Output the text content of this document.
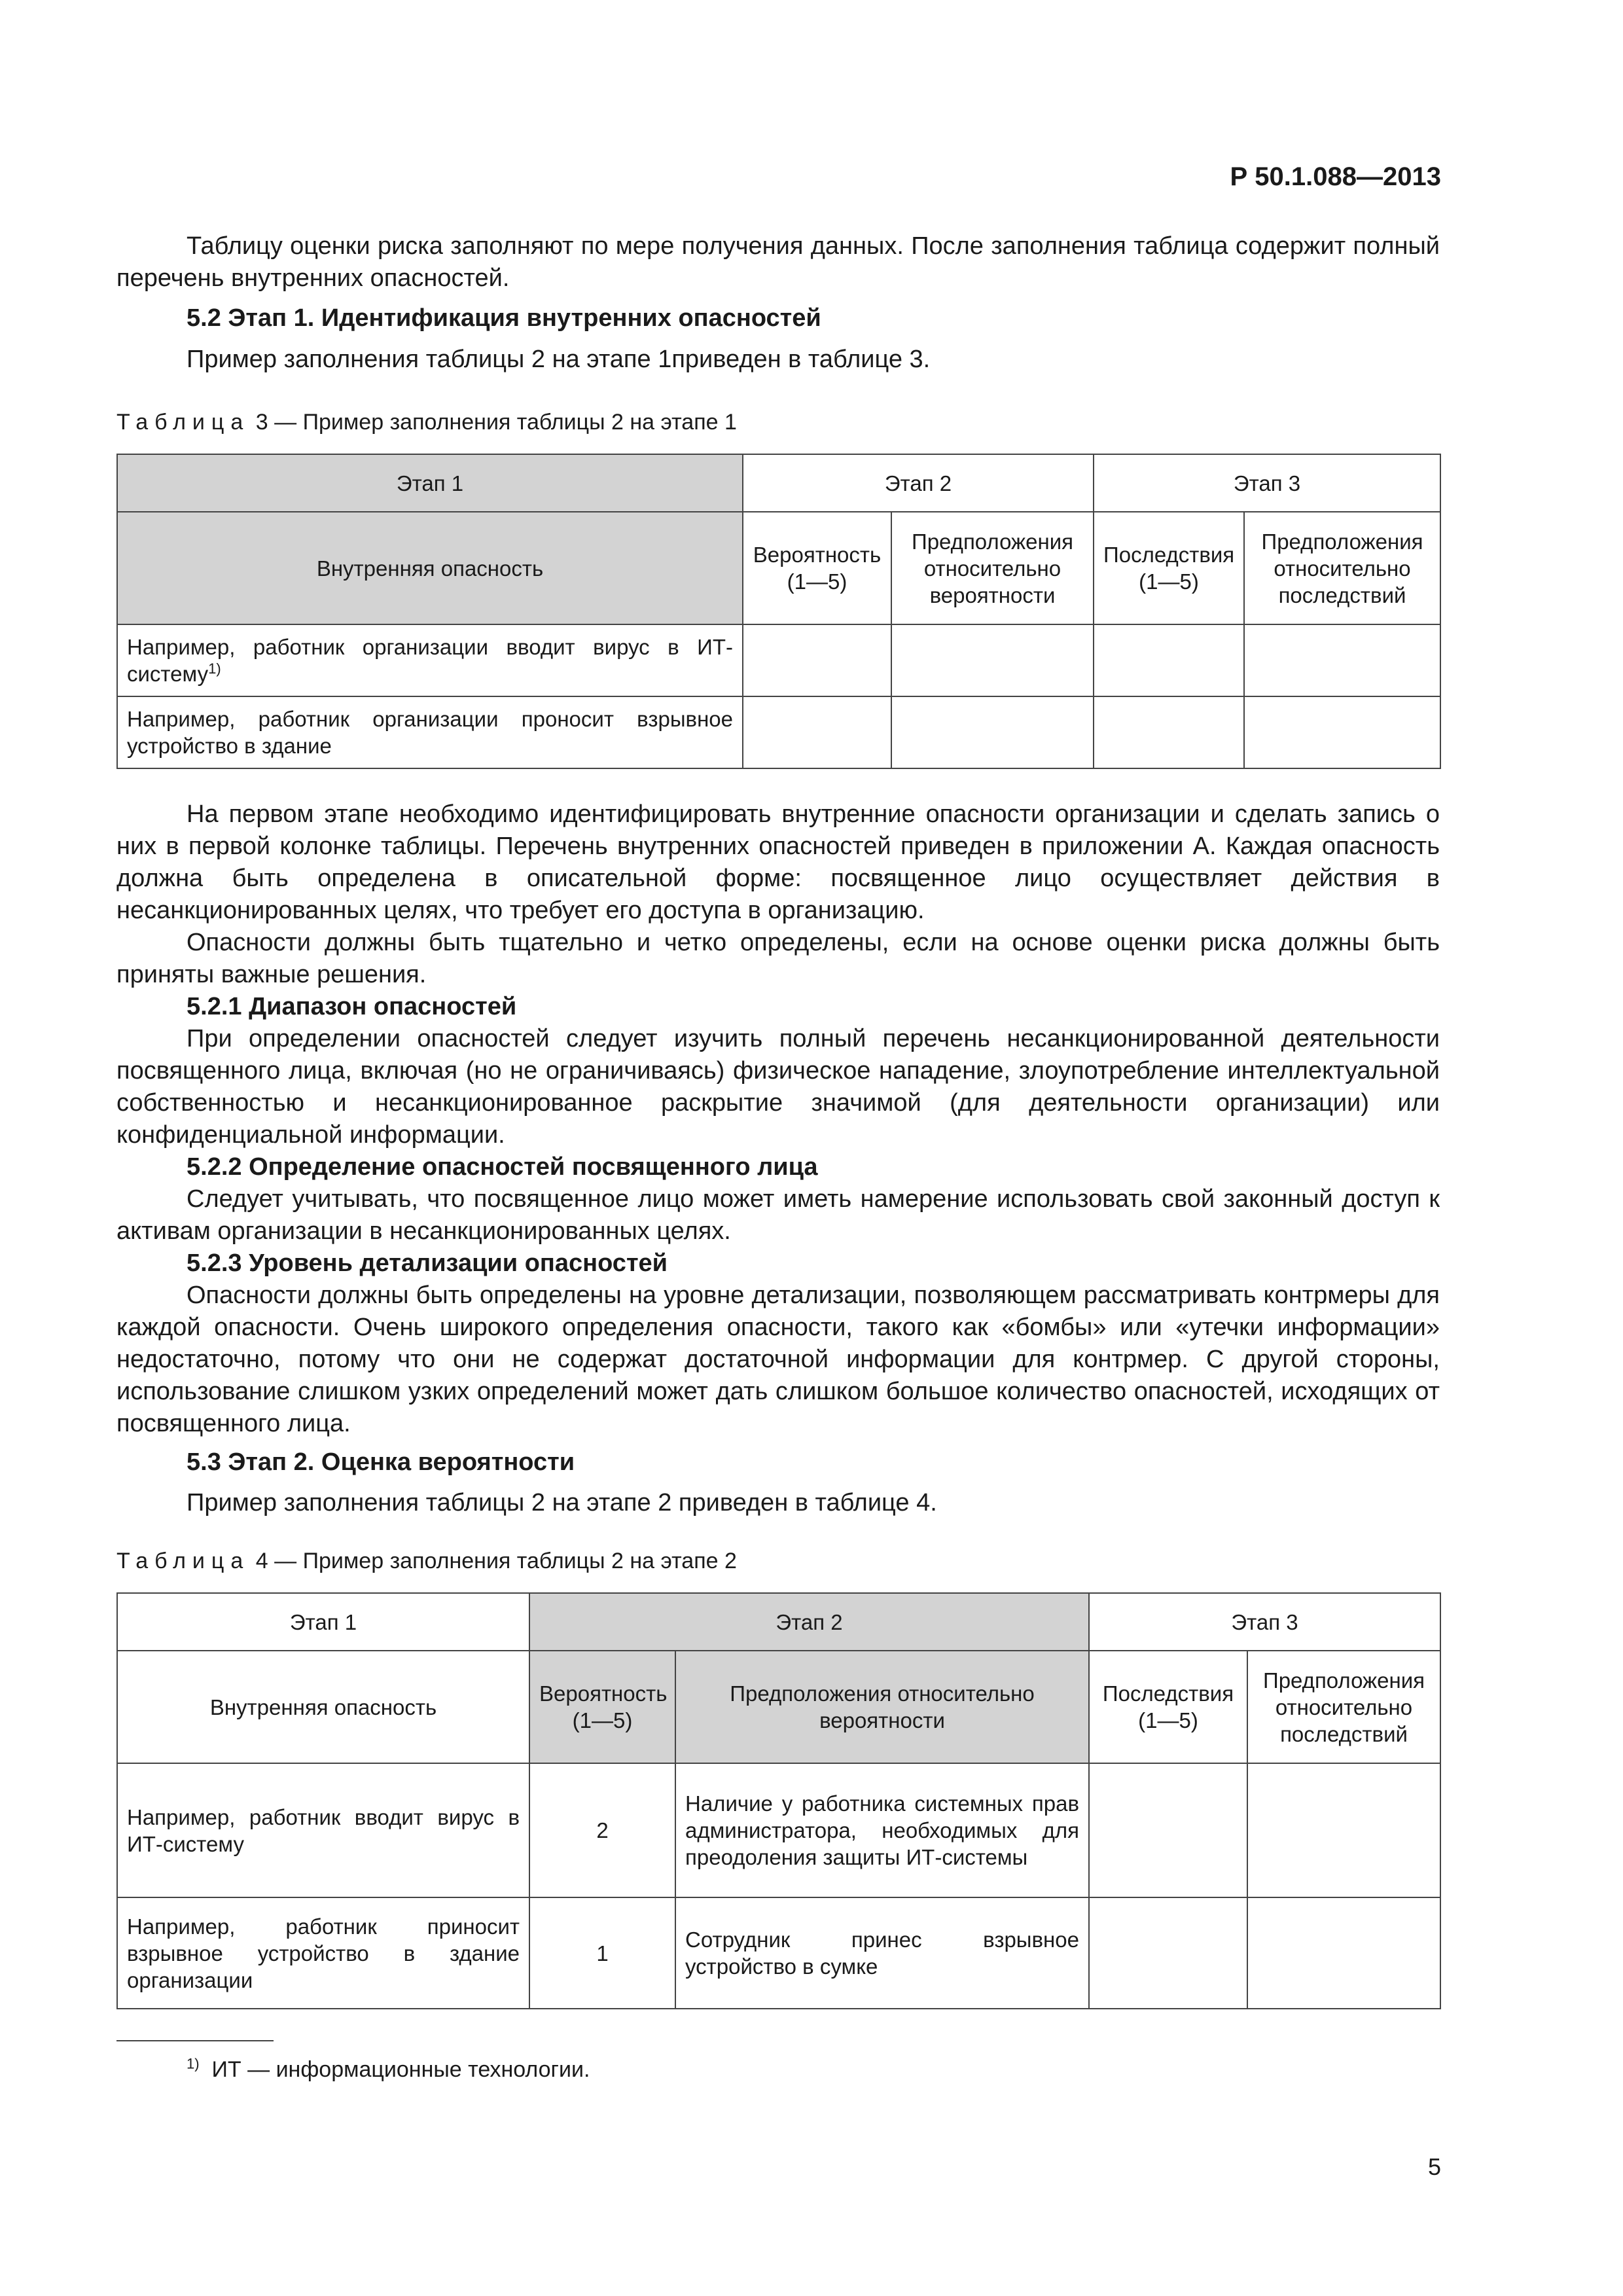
Р 50.1.088—2013

Таблицу оценки риска заполняют по мере получения данных. После заполнения таблица содержит полный перечень внутренних опасностей.

5.2 Этап 1. Идентификация внутренних опасностей

Пример заполнения таблицы 2 на этапе 1приведен в таблице 3.

Таблица 3 — Пример заполнения таблицы 2 на этапе 1
Этап 1	Этап 2		Этап 3	
Внутренняя опасность	Вероятность (1—5)	Предположения относительно вероятности	Последствия (1—5)	Предположения относительно последствий
Например, работник организации вводит вирус в ИТ-систему$^{1)}$				
Например, работник организации проносит взрывное устройство в здание				

На первом этапе необходимо идентифицировать внутренние опасности организации и сделать запись о них в первой колонке таблицы. Перечень внутренних опасностей приведен в приложении А. Каждая опасность должна быть определена в описательной форме: посвященное лицо осуществляет действия в несанкционированных целях, что требует его доступа в организацию.

Опасности должны быть тщательно и четко определены, если на основе оценки риска должны быть приняты важные решения.

5.2.1 Диапазон опасностей

При определении опасностей следует изучить полный перечень несанкционированной деятельности посвященного лица, включая (но не ограничиваясь) физическое нападение, злоупотребление интеллектуальной собственностью и несанкционированное раскрытие значимой (для деятельности организации) или конфиденциальной информации.

5.2.2 Определение опасностей посвященного лица

Следует учитывать, что посвященное лицо может иметь намерение использовать свой законный доступ к активам организации в несанкционированных целях.

5.2.3 Уровень детализации опасностей

Опасности должны быть определены на уровне детализации, позволяющем рассматривать контрмеры для каждой опасности. Очень широкого определения опасности, такого как «бомбы» или «утечки информации» недостаточно, потому что они не содержат достаточной информации для контрмер. С другой стороны, использование слишком узких определений может дать слишком большое количество опасностей, исходящих от посвященного лица.

5.3 Этап 2. Оценка вероятности

Пример заполнения таблицы 2 на этапе 2 приведен в таблице 4.

Таблица 4 — Пример заполнения таблицы 2 на этапе 2
Этап 1	Этап 2		Этап 3	
Внутренняя опасность	Вероятность (1—5)	Предположения относительно вероятности	Последствия (1—5)	Предположения относительно последствий
Например, работник вводит вирус в ИТ-систему	2	Наличие у работника системных прав администратора, необходимых для преодоления защиты ИТ-системы		
Например, работник приносит взрывное устройство в здание организации	1	Сотрудник принес взрывное устройство в сумке		
$^{1)}$ ИТ — информационные технологии.
5
